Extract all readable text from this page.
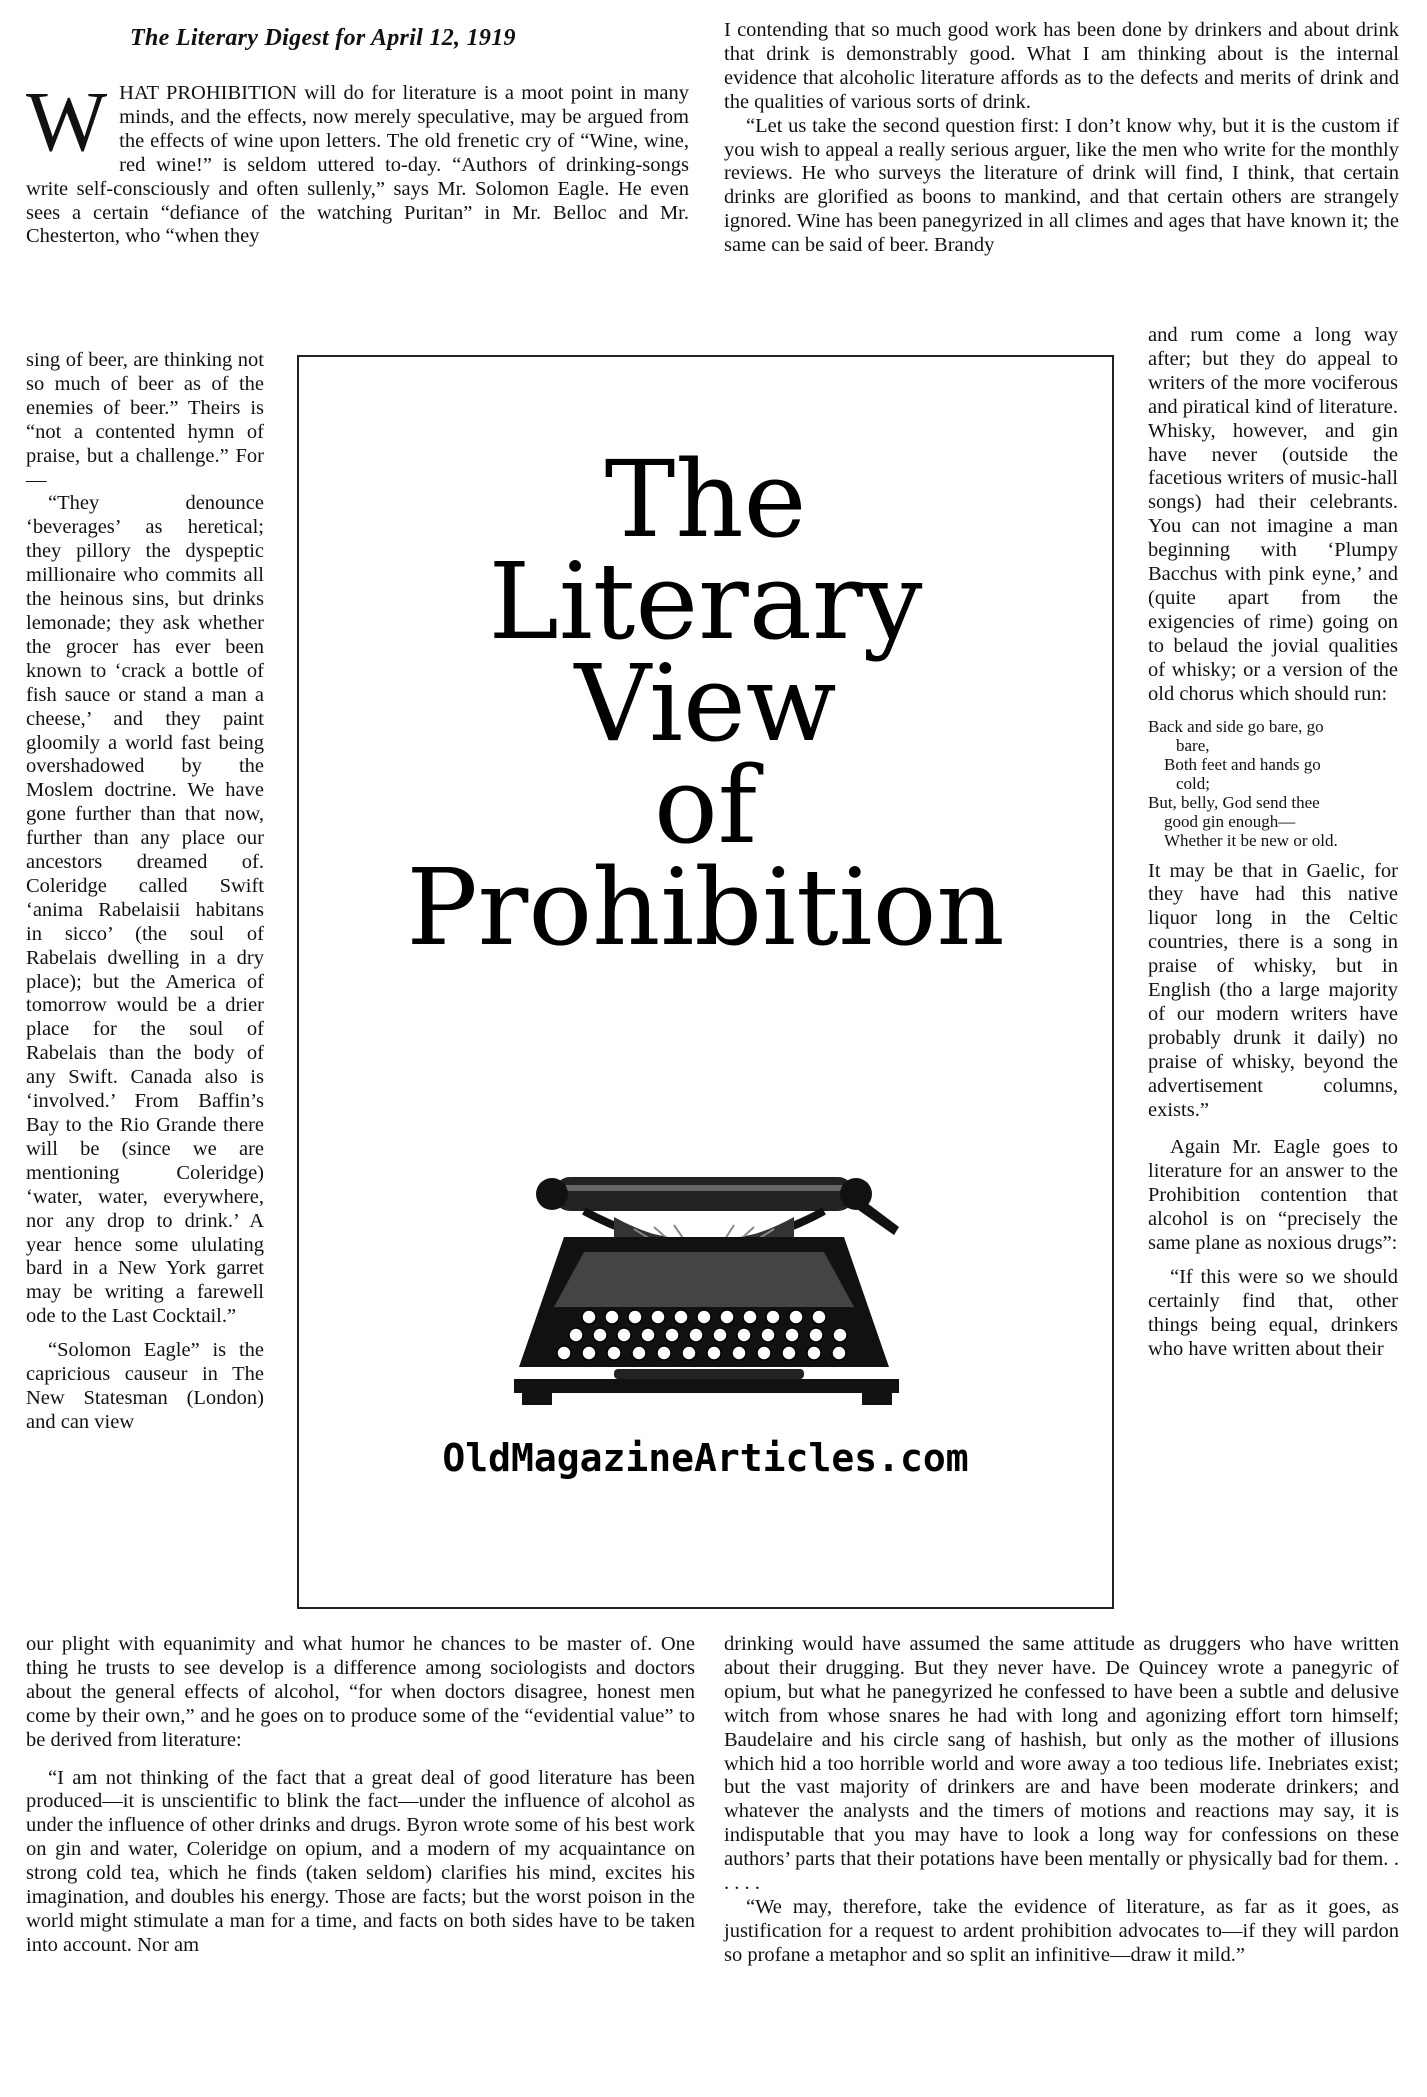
The Literary Digest for April 12, 1919
W HAT PROHIBITION will do for literature is a moot point in many minds, and the effects, now merely speculative, may be argued from the effects of wine upon letters. The old frenetic cry of “Wine, wine, red wine!” is seldom uttered to-day. “Authors of drinking-songs write self-consciously and often sullenly,” says Mr. Solomon Eagle. He even sees a certain “defiance of the watching Puritan” in Mr. Belloc and Mr. Chesterton, who “when they

sing of beer, are thinking not so much of beer as of the enemies of beer.” Theirs is “not a contented hymn of praise, but a challenge.” For—

“They denounce ‘beverages’ as heretical; they pillory the dyspeptic millionaire who commits all the heinous sins, but drinks lemonade; they ask whether the grocer has ever been known to ‘crack a bottle of fish sauce or stand a man a cheese,’ and they paint gloomily a world fast being overshadowed by the Moslem doctrine. We have gone further than that now, further than any place our ancestors dreamed of. Coleridge called Swift ‘anima Rabelaisii habitans in sicco’ (the soul of Rabelais dwelling in a dry place); but the America of tomorrow would be a drier place for the soul of Rabelais than the body of any Swift. Canada also is ‘involved.’ From Baffin’s Bay to the Rio Grande there will be (since we are mentioning Coleridge) ‘water, water, everywhere, nor any drop to drink.’ A year hence some ululating bard in a New York garret may be writing a farewell ode to the Last Cocktail.”

“Solomon Eagle” is the capricious causeur in The New Statesman (London) and can view

our plight with equanimity and what humor he chances to be master of. One thing he trusts to see develop is a difference among sociologists and doctors about the general effects of alcohol, “for when doctors disagree, honest men come by their own,” and he goes on to produce some of the “evidential value” to be derived from literature:

“I am not thinking of the fact that a great deal of good literature has been produced—it is unscientific to blink the fact—under the influence of alcohol as under the influence of other drinks and drugs. Byron wrote some of his best work on gin and water, Coleridge on opium, and a modern of my acquaintance on strong cold tea, which he finds (taken seldom) clarifies his mind, excites his imagination, and doubles his energy. Those are facts; but the worst poison in the world might stimulate a man for a time, and facts on both sides have to be taken into account. Nor am

I contending that so much good work has been done by drinkers and about drink that drink is demonstrably good. What I am thinking about is the internal evidence that alcoholic literature affords as to the defects and merits of drink and the qualities of various sorts of drink.

“Let us take the second question first: I don’t know why, but it is the custom if you wish to appeal a really serious arguer, like the men who write for the monthly reviews. He who surveys the literature of drink will find, I think, that certain drinks are glorified as boons to mankind, and that certain others are strangely ignored. Wine has been panegyrized in all climes and ages that have known it; the same can be said of beer. Brandy

and rum come a long way after; but they do appeal to writers of the more vociferous and piratical kind of literature. Whisky, however, and gin have never (outside the facetious writers of music-hall songs) had their celebrants. You can not imagine a man beginning with ‘Plumpy Bacchus with pink eyne,’ and (quite apart from the exigencies of rime) going on to belaud the jovial qualities of whisky; or a version of the old chorus which should run:

Back and side go bare, go
bare,
Both feet and hands go
cold;
But, belly, God send thee
good gin enough—
Whether it be new or old.

It may be that in Gaelic, for they have had this native liquor long in the Celtic countries, there is a song in praise of whisky, but in English (tho a large majority of our modern writers have probably drunk it daily) no praise of whisky, beyond the advertisement columns, exists.”

Again Mr. Eagle goes to literature for an answer to the Prohibition contention that alcohol is on “precisely the same plane as noxious drugs”:

“If this were so we should certainly find that, other things being equal, drinkers who have written about their

drinking would have assumed the same attitude as druggers who have written about their drugging. But they never have. De Quincey wrote a panegyric of opium, but what he panegyrized he confessed to have been a subtle and delusive witch from whose snares he had with long and agonizing effort torn himself; Baudelaire and his circle sang of hashish, but only as the mother of illusions which hid a too horrible world and wore away a too tedious life. Inebriates exist; but the vast majority of drinkers are and have been moderate drinkers; and whatever the analysts and the timers of motions and reactions may say, it is indisputable that you may have to look a long way for confessions on these authors’ parts that their potations have been mentally or physically bad for them. . . . . .

“We may, therefore, take the evidence of literature, as far as it goes, as justification for a request to ardent prohibition advocates to—if they will pardon so profane a metaphor and so split an infinitive—draw it mild.”

The
Literary
View
of
Prohibition
OldMagazineArticles.com
